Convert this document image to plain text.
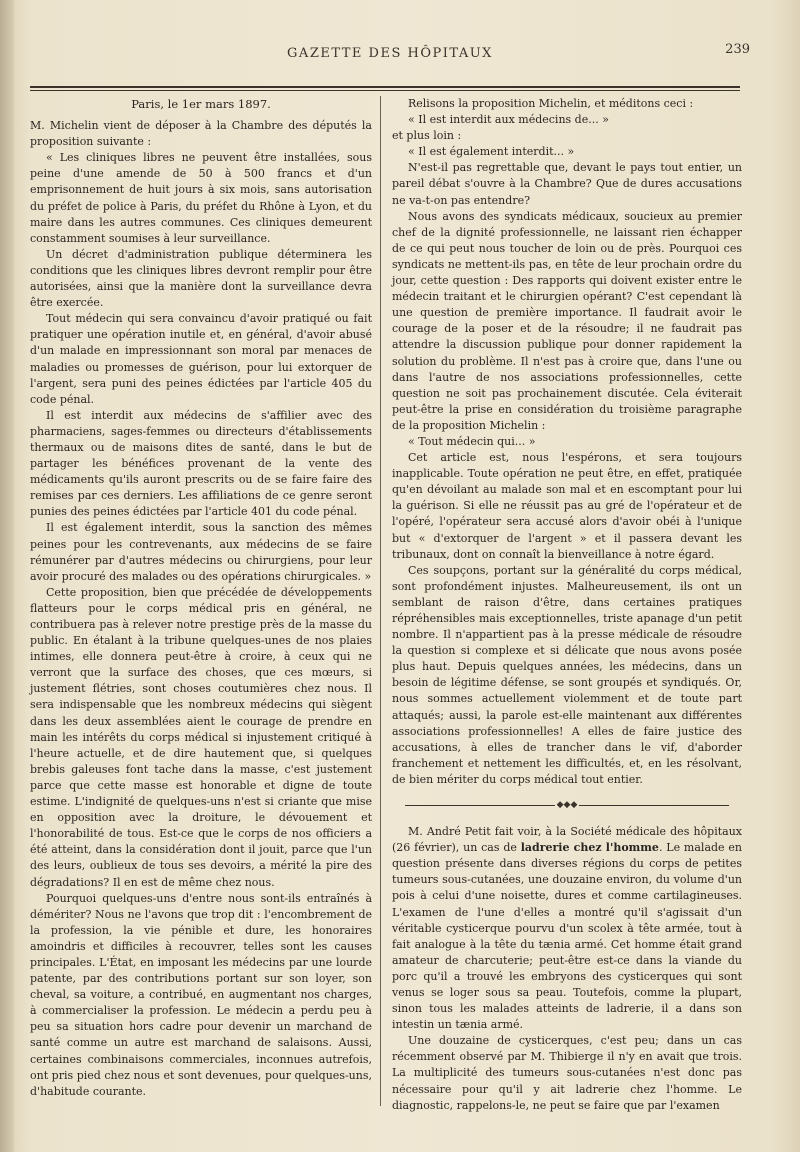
GAZETTE DES HÔPITAUX	239

Paris, le 1er mars 1897.

M. Michelin vient de déposer à la Chambre des députés la proposition suivante :

« Les cliniques libres ne peuvent être installées, sous peine d'une amende de 50 à 500 francs et d'un emprisonnement de huit jours à six mois, sans autorisation du préfet de police à Paris, du préfet du Rhône à Lyon, et du maire dans les autres communes. Ces cliniques demeurent constamment soumises à leur surveillance.

Un décret d'administration publique déterminera les conditions que les cliniques libres devront remplir pour être autorisées, ainsi que la manière dont la surveillance devra être exercée.

Tout médecin qui sera convaincu d'avoir pratiqué ou fait pratiquer une opération inutile et, en général, d'avoir abusé d'un malade en impressionnant son moral par menaces de maladies ou promesses de guérison, pour lui extorquer de l'argent, sera puni des peines édictées par l'article 405 du code pénal.

Il est interdit aux médecins de s'affilier avec des pharmaciens, sages-femmes ou directeurs d'établissements thermaux ou de maisons dites de santé, dans le but de partager les bénéfices provenant de la vente des médicaments qu'ils auront prescrits ou de se faire faire des remises par ces derniers. Les affiliations de ce genre seront punies des peines édictées par l'article 401 du code pénal.

Il est également interdit, sous la sanction des mêmes peines pour les contrevenants, aux médecins de se faire rémunérer par d'autres médecins ou chirurgiens, pour leur avoir procuré des malades ou des opérations chirurgicales. »

Cette proposition, bien que précédée de développements flatteurs pour le corps médical pris en général, ne contribuera pas à relever notre prestige près de la masse du public. En étalant à la tribune quelques-unes de nos plaies intimes, elle donnera peut-être à croire, à ceux qui ne verront que la surface des choses, que ces mœurs, si justement flétries, sont choses coutumières chez nous. Il sera indispensable que les nombreux médecins qui siègent dans les deux assemblées aient le courage de prendre en main les intérêts du corps médical si injustement critiqué à l'heure actuelle, et de dire hautement que, si quelques brebis galeuses font tache dans la masse, c'est justement parce que cette masse est honorable et digne de toute estime. L'indignité de quelques-uns n'est si criante que mise en opposition avec la droiture, le dévouement et l'honorabilité de tous. Est-ce que le corps de nos officiers a été atteint, dans la considération dont il jouit, parce que l'un des leurs, oublieux de tous ses devoirs, a mérité la pire des dégradations? Il en est de même chez nous.

Pourquoi quelques-uns d'entre nous sont-ils entraînés à démériter? Nous ne l'avons que trop dit : l'encombrement de la profession, la vie pénible et dure, les honoraires amoindris et difficiles à recouvrer, telles sont les causes principales. L'État, en imposant les médecins par une lourde patente, par des contributions portant sur son loyer, son cheval, sa voiture, a contribué, en augmentant nos charges, à commercialiser la profession. Le médecin a perdu peu à peu sa situation hors cadre pour devenir un marchand de santé comme un autre est marchand de salaisons. Aussi, certaines combinaisons commerciales, inconnues autrefois, ont pris pied chez nous et sont devenues, pour quelques-uns, d'habitude courante.

Relisons la proposition Michelin, et méditons ceci :

« Il est interdit aux médecins de... »

et plus loin :

« Il est également interdit... »

N'est-il pas regrettable que, devant le pays tout entier, un pareil débat s'ouvre à la Chambre? Que de dures accusations ne va-t-on pas entendre?

Nous avons des syndicats médicaux, soucieux au premier chef de la dignité professionnelle, ne laissant rien échapper de ce qui peut nous toucher de loin ou de près. Pourquoi ces syndicats ne mettent-ils pas, en tête de leur prochain ordre du jour, cette question : Des rapports qui doivent exister entre le médecin traitant et le chirurgien opérant? C'est cependant là une question de première importance. Il faudrait avoir le courage de la poser et de la résoudre; il ne faudrait pas attendre la discussion publique pour donner rapidement la solution du problème. Il n'est pas à croire que, dans l'une ou dans l'autre de nos associations professionnelles, cette question ne soit pas prochainement discutée. Cela éviterait peut-être la prise en considération du troisième paragraphe de la proposition Michelin :

« Tout médecin qui... »

Cet article est, nous l'espérons, et sera toujours inapplicable. Toute opération ne peut être, en effet, pratiquée qu'en dévoilant au malade son mal et en escomptant pour lui la guérison. Si elle ne réussit pas au gré de l'opérateur et de l'opéré, l'opérateur sera accusé alors d'avoir obéi à l'unique but « d'extorquer de l'argent » et il passera devant les tribunaux, dont on connaît la bienveillance à notre égard.

Ces soupçons, portant sur la généralité du corps médical, sont profondément injustes. Malheureusement, ils ont un semblant de raison d'être, dans certaines pratiques répréhensibles mais exceptionnelles, triste apanage d'un petit nombre. Il n'appartient pas à la presse médicale de résoudre la question si complexe et si délicate que nous avons posée plus haut. Depuis quelques années, les médecins, dans un besoin de légitime défense, se sont groupés et syndiqués. Or, nous sommes actuellement violemment et de toute part attaqués; aussi, la parole est-elle maintenant aux différentes associations professionnelles! A elles de faire justice des accusations, à elles de trancher dans le vif, d'aborder franchement et nettement les difficultés, et, en les résolvant, de bien mériter du corps médical tout entier.

◆◆◆

M. André Petit fait voir, à la Société médicale des hôpitaux (26 février), un cas de ladrerie chez l'homme. Le malade en question présente dans diverses régions du corps de petites tumeurs sous-cutanées, une douzaine environ, du volume d'un pois à celui d'une noisette, dures et comme cartilagineuses. L'examen de l'une d'elles a montré qu'il s'agissait d'un véritable cysticerque pourvu d'un scolex à tête armée, tout à fait analogue à la tête du tænia armé. Cet homme était grand amateur de charcuterie; peut-être est-ce dans la viande du porc qu'il a trouvé les embryons des cysticerques qui sont venus se loger sous sa peau. Toutefois, comme la plupart, sinon tous les malades atteints de ladrerie, il a dans son intestin un tænia armé.

Une douzaine de cysticerques, c'est peu; dans un cas récemment observé par M. Thibierge il n'y en avait que trois. La multiplicité des tumeurs sous-cutanées n'est donc pas nécessaire pour qu'il y ait ladrerie chez l'homme. Le diagnostic, rappelons-le, ne peut se faire que par l'examen
